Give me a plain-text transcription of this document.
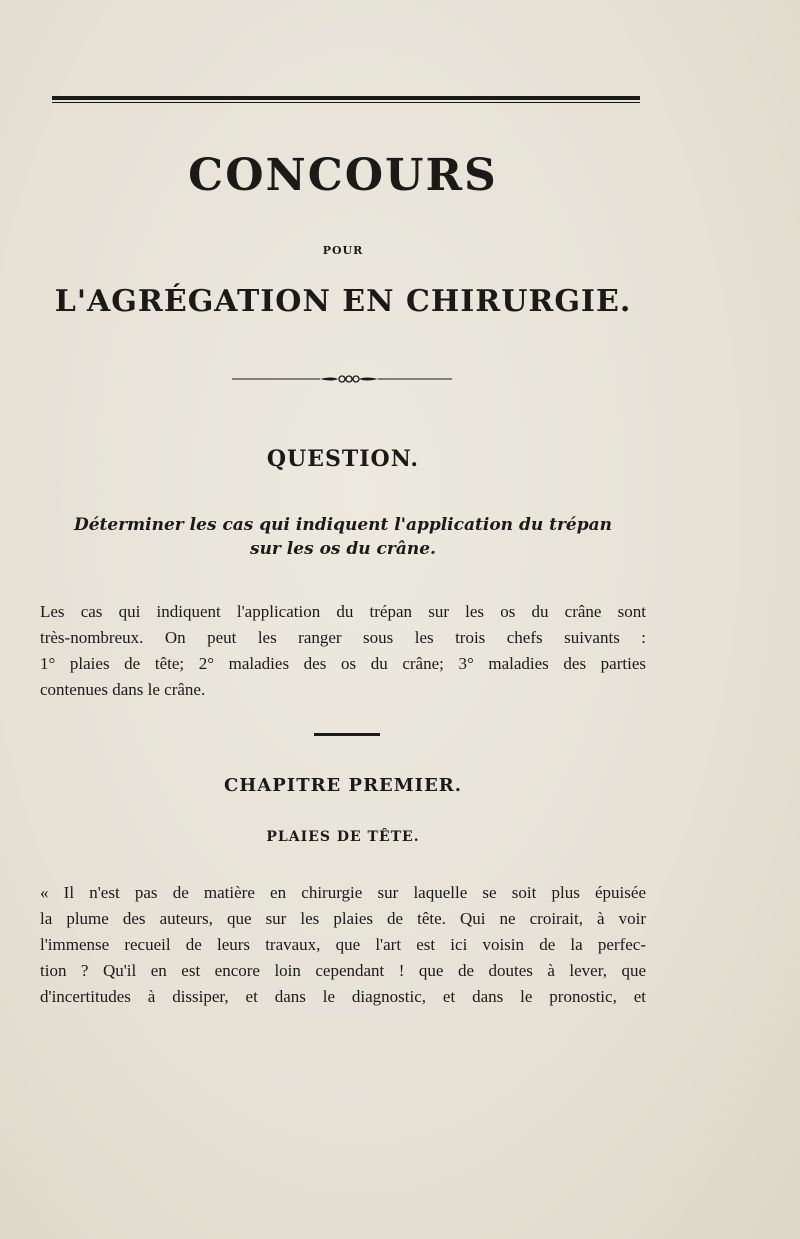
CONCOURS
POUR
L'AGRÉGATION EN CHIRURGIE.
QUESTION.
Déterminer les cas qui indiquent l'application du trépan
sur les os du crâne.
Les cas qui indiquent l'application du trépan sur les os du crâne sont
très-nombreux. On peut les ranger sous les trois chefs suivants :
1° plaies de tête; 2° maladies des os du crâne; 3° maladies des parties
contenues dans le crâne.
CHAPITRE PREMIER.
PLAIES DE TÊTE.
« Il n'est pas de matière en chirurgie sur laquelle se soit plus épuisée
la plume des auteurs, que sur les plaies de tête. Qui ne croirait, à voir
l'immense recueil de leurs travaux, que l'art est ici voisin de la perfec-
tion ? Qu'il en est encore loin cependant ! que de doutes à lever, que
d'incertitudes à dissiper, et dans le diagnostic, et dans le pronostic, et
